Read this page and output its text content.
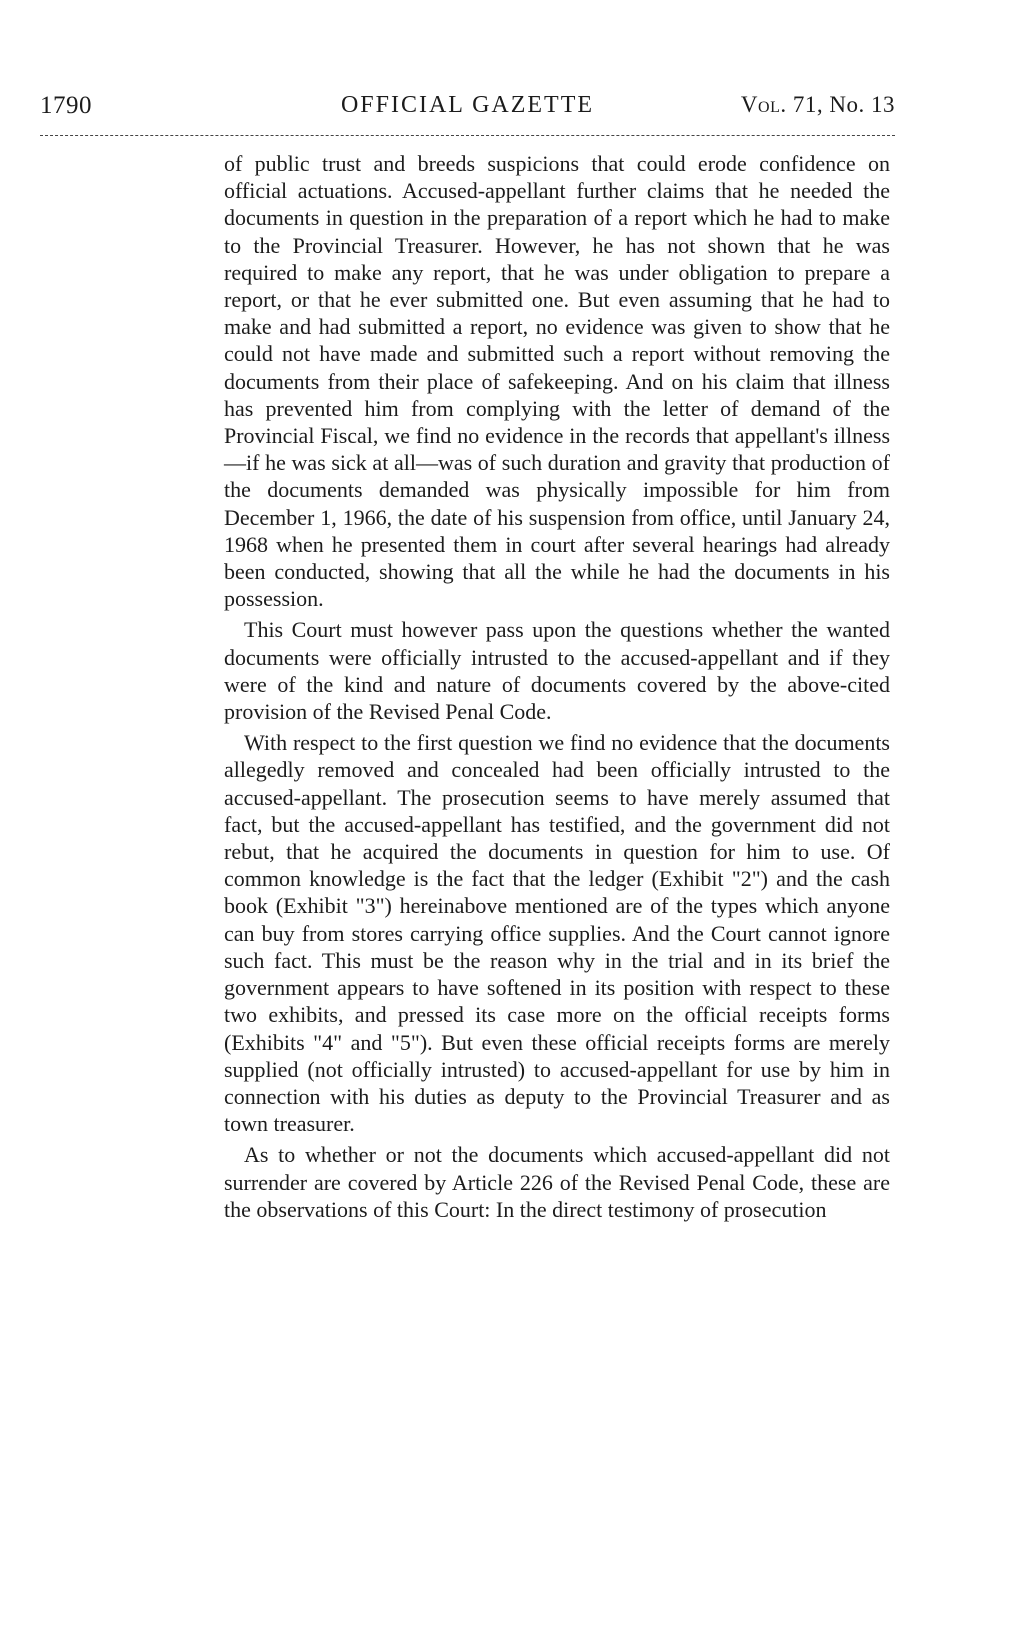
1790	OFFICIAL GAZETTE	Vol. 71, No. 13

of public trust and breeds suspicions that could erode confidence on official actuations. Accused-appellant further claims that he needed the documents in question in the preparation of a report which he had to make to the Provincial Treasurer. However, he has not shown that he was required to make any report, that he was under obligation to prepare a report, or that he ever submitted one. But even assuming that he had to make and had submitted a report, no evidence was given to show that he could not have made and submitted such a report without removing the documents from their place of safekeeping. And on his claim that illness has prevented him from complying with the letter of demand of the Provincial Fiscal, we find no evidence in the records that appellant's illness—if he was sick at all—was of such duration and gravity that production of the documents demanded was physically impossible for him from December 1, 1966, the date of his suspension from office, until January 24, 1968 when he presented them in court after several hearings had already been conducted, showing that all the while he had the documents in his possession.

This Court must however pass upon the questions whether the wanted documents were officially intrusted to the accused-appellant and if they were of the kind and nature of documents covered by the above-cited provision of the Revised Penal Code.

With respect to the first question we find no evidence that the documents allegedly removed and concealed had been officially intrusted to the accused-appellant. The prosecution seems to have merely assumed that fact, but the accused-appellant has testified, and the government did not rebut, that he acquired the documents in question for him to use. Of common knowledge is the fact that the ledger (Exhibit "2") and the cash book (Exhibit "3") hereinabove mentioned are of the types which anyone can buy from stores carrying office supplies. And the Court cannot ignore such fact. This must be the reason why in the trial and in its brief the government appears to have softened in its position with respect to these two exhibits, and pressed its case more on the official receipts forms (Exhibits "4" and "5"). But even these official receipts forms are merely supplied (not officially intrusted) to accused-appellant for use by him in connection with his duties as deputy to the Provincial Treasurer and as town treasurer.

As to whether or not the documents which accused-appellant did not surrender are covered by Article 226 of the Revised Penal Code, these are the observations of this Court: In the direct testimony of prosecution
